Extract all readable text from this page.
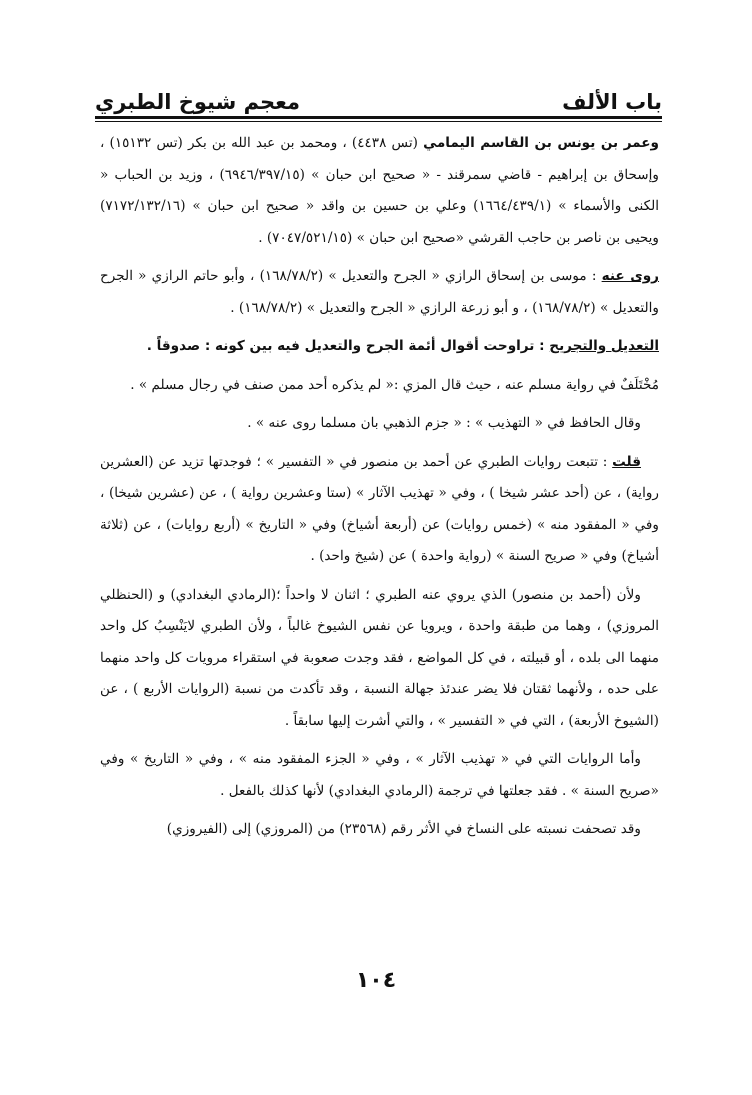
باب الألف
معجم شيوخ الطبري

وعمر بن يونس بن القاسم اليمامي (تس ٤٤٣٨) ، ومحمد بن عبد الله بن بكر (تس ١٥١٣٢) ، وإسحاق بن إبراهيم - قاضي سمرقند - « صحيح ابن حبان » (٦٩٤٦/٣٩٧/١٥) ، وزيد بن الحباب « الكنى والأسماء » (١٦٦٤/٤٣٩/١) وعلي بن حسين بن واقد « صحيح ابن حبان » (٧١٧٢/١٣٢/١٦) ويحيى بن ناصر بن حاجب القرشي «صحيح ابن حبان » (٧٠٤٧/٥٢١/١٥) .

روى عنه : موسى بن إسحاق الرازي « الجرح والتعديل » (١٦٨/٧٨/٢) ، وأبو حاتم الرازي « الجرح والتعديل » (١٦٨/٧٨/٢) ، و أبو زرعة الرازي « الجرح والتعديل » (١٦٨/٧٨/٢) .

التعديل والتجريح : تراوحت أقوال أئمة الجرح والتعديل فيه بين كونه : صدوقاً .

مُخْتَلَفٌ في رواية مسلم عنه ، حيث قال المزي :« لم يذكره أحد ممن صنف في رجال مسلم » .

وقال الحافظ في « التهذيب » : « جزم الذهبي بان مسلما روى عنه » .

قلت : تتبعت روايات الطبري عن أحمد بن منصور في « التفسير » ؛ فوجدتها تزيد عن (العشرين رواية) ، عن (أحد عشر شيخا ) ، وفي « تهذيب الآثار » (ستا وعشرين رواية ) ، عن (عشرين شيخا) ، وفي « المفقود منه » (خمس روايات) عن (أربعة أشياخ) وفي « التاريخ » (أربع روايات) ، عن (ثلاثة أشياخ) وفي « صريح السنة » (رواية واحدة ) عن (شيخ واحد) .

ولأن (أحمد بن منصور) الذي يروي عنه الطبري ؛ اثنان لا واحداً ؛(الرمادي البغدادي) و (الحنظلي المروزي) ، وهما من طبقة واحدة ، ويرويا عن نفس الشيوخ غالباً ، ولأن الطبري لايَنْسِبُ كل واحد منهما الى بلده ، أو قبيلته ، في كل المواضع ، فقد وجدت صعوبة في استقراء مرويات كل واحد منهما على حده ، ولأنهما ثقتان فلا يضر عندئذ جهالة النسبة ، وقد تأكدت من نسبة (الروايات الأربع ) ، عن (الشيوخ الأربعة) ، التي في « التفسير » ، والتي أشرت إليها سابقاً .

وأما الروايات التي في « تهذيب الآثار » ، وفي « الجزء المفقود منه » ، وفي « التاريخ » وفي «صريح السنة » . فقد جعلتها في ترجمة (الرمادي البغدادي) لأنها كذلك بالفعل .

وقد تصحفت نسبته على النساخ في الأثر رقم (٢٣٥٦٨) من (المروزي) إلى (الفيروزي)

١٠٤
